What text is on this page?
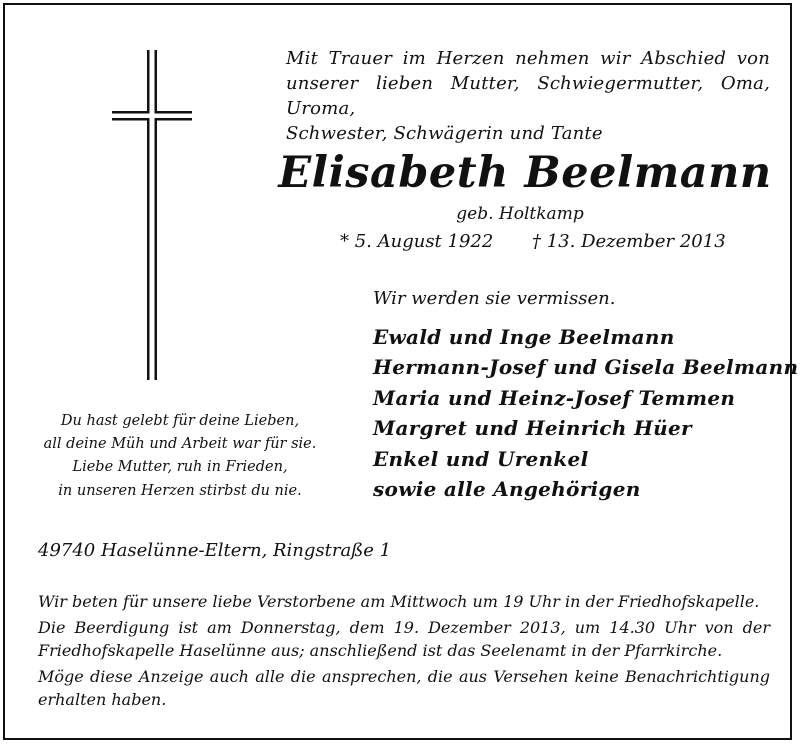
Mit Trauer im Herzen nehmen wir Abschied von

unserer lieben Mutter, Schwiegermutter, Oma, Uroma,

Schwester, Schwägerin und Tante

Elisabeth Beelmann
geb. Holtkamp
* 5. August 1922 † 13. Dezember 2013
Wir werden sie vermissen.
Ewald und Inge Beelmann
Hermann-Josef und Gisela Beelmann
Maria und Heinz-Josef Temmen
Margret und Heinrich Hüer
Enkel und Urenkel
sowie alle Angehörigen
Du hast gelebt für deine Lieben,
all deine Müh und Arbeit war für sie.
Liebe Mutter, ruh in Frieden,
in unseren Herzen stirbst du nie.
49740 Haselünne-Eltern, Ringstraße 1

Wir beten für unsere liebe Verstorbene am Mittwoch um 19 Uhr in der Friedhofskapelle.

Die Beerdigung ist am Donnerstag, dem 19. Dezember 2013, um 14.30 Uhr von der Friedhofskapelle Haselünne aus; anschließend ist das Seelenamt in der Pfarrkirche.

Möge diese Anzeige auch alle die ansprechen, die aus Versehen keine Benachrichtigung erhalten haben.
